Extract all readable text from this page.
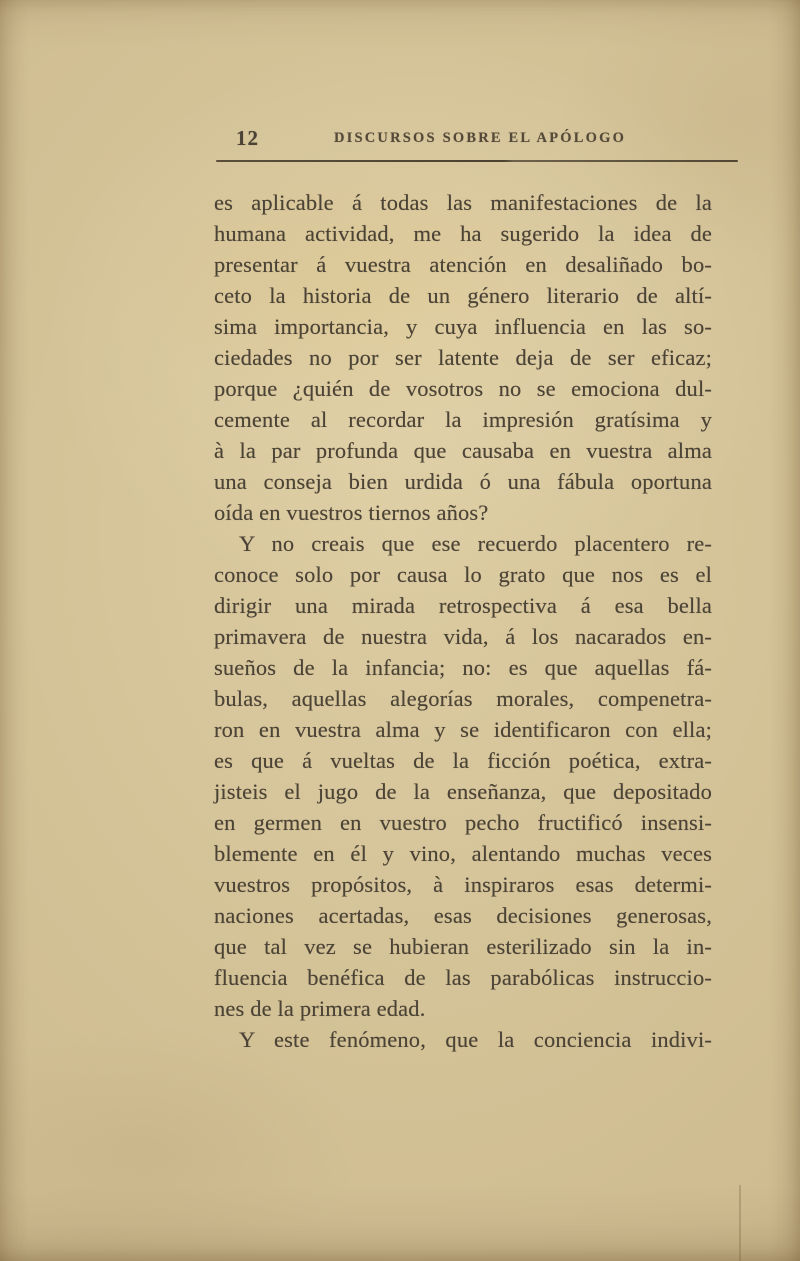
12	DISCURSOS SOBRE EL APÓLOGO
es aplicable á todas las manifestaciones de la
humana actividad, me ha sugerido la idea de
presentar á vuestra atención en desaliñado bo-
ceto la historia de un género literario de altí-
sima importancia, y cuya influencia en las so-
ciedades no por ser latente deja de ser eficaz;
porque ¿quién de vosotros no se emociona dul-
cemente al recordar la impresión gratísima y
à la par profunda que causaba en vuestra alma
una conseja bien urdida ó una fábula oportuna
oída en vuestros tiernos años?
Y no creais que ese recuerdo placentero re-
conoce solo por causa lo grato que nos es el
dirigir una mirada retrospectiva á esa bella
primavera de nuestra vida, á los nacarados en-
sueños de la infancia; no: es que aquellas fá-
bulas, aquellas alegorías morales, compenetra-
ron en vuestra alma y se identificaron con ella;
es que á vueltas de la ficción poética, extra-
jisteis el jugo de la enseñanza, que depositado
en germen en vuestro pecho fructificó insensi-
blemente en él y vino, alentando muchas veces
vuestros propósitos, à inspiraros esas determi-
naciones acertadas, esas decisiones generosas,
que tal vez se hubieran esterilizado sin la in-
fluencia benéfica de las parabólicas instruccio-
nes de la primera edad.
Y este fenómeno, que la conciencia indivi-
